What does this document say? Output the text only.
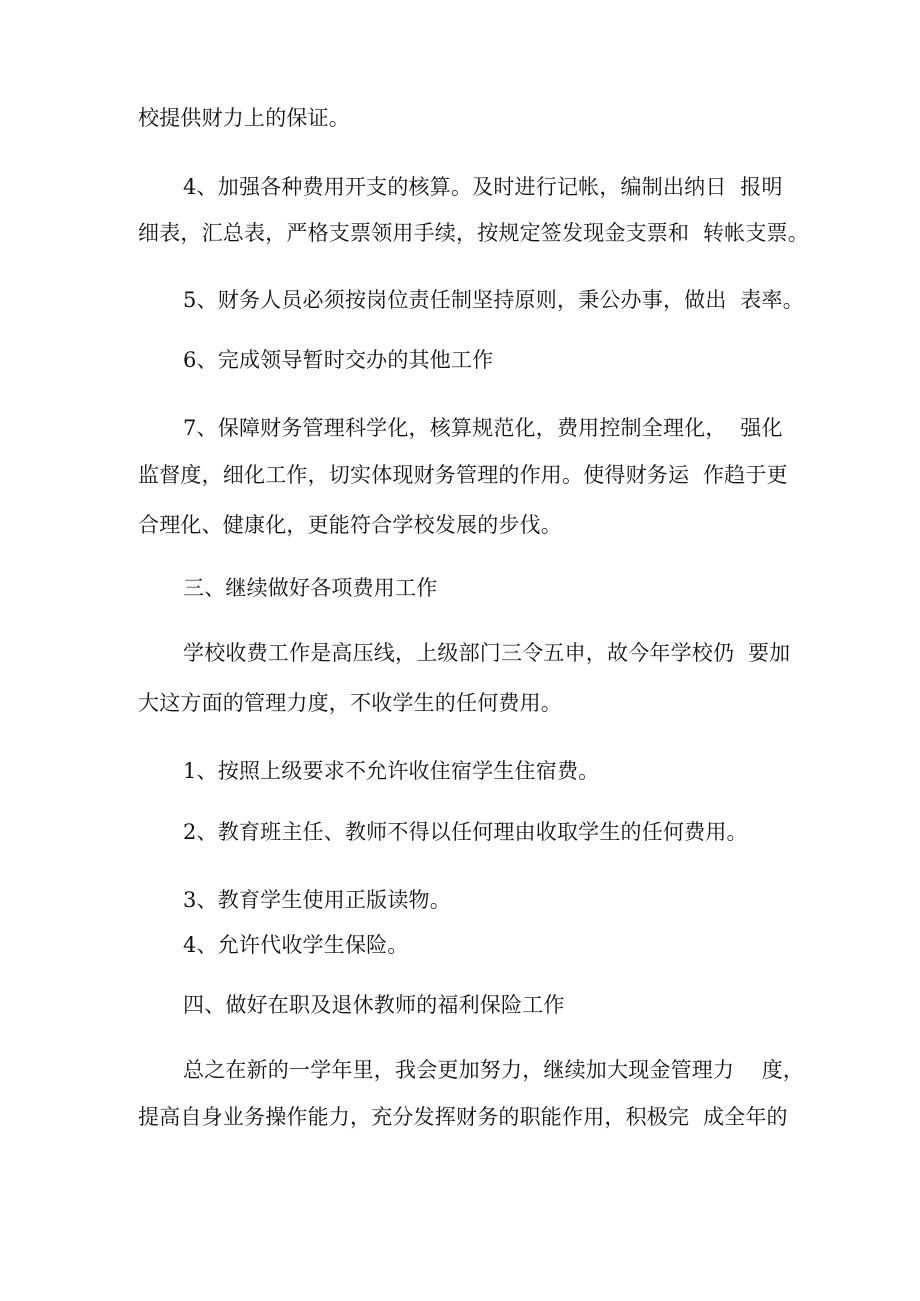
校提供财力上的保证。
4、加强各种费用开支的核算。及时进行记帐，编制出纳日  报明
细表，汇总表，严格支票领用手续，按规定签发现金支票和  转帐支票。
5、财务人员必须按岗位责任制坚持原则，秉公办事，做出  表率。
6、完成领导暂时交办的其他工作
7、保障财务管理科学化，核算规范化，费用控制全理化，  强化
监督度，细化工作，切实体现财务管理的作用。使得财务运  作趋于更
合理化、健康化，更能符合学校发展的步伐。
三、继续做好各项费用工作
学校收费工作是高压线，上级部门三令五申，故今年学校仍  要加
大这方面的管理力度，不收学生的任何费用。
1、按照上级要求不允许收住宿学生住宿费。
2、教育班主任、教师不得以任何理由收取学生的任何费用。
3、教育学生使用正版读物。
4、允许代收学生保险。
四、做好在职及退休教师的福利保险工作
总之在新的一学年里，我会更加努力，继续加大现金管理力    度，
提高自身业务操作能力，充分发挥财务的职能作用，积极完  成全年的
